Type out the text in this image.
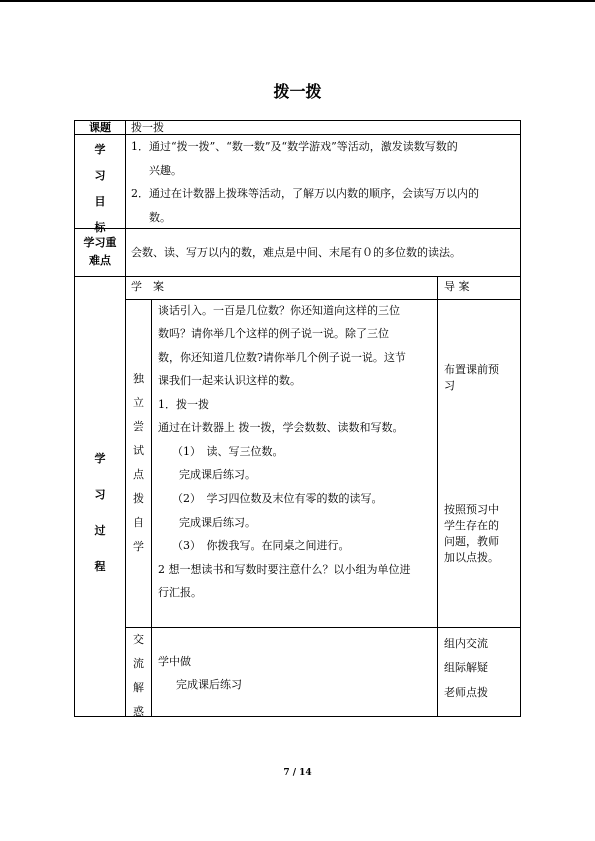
拨一拨
课题	拨一拨
学
习
目
标
1．通过“拨一拨”、“数一数”及“数学游戏”等活动，激发读数写数的
兴趣。
2．通过在计数器上拨珠等活动，了解万以内数的顺序，会读写万以内的
数。
学习重
难点
会数、读、写万以内的数，难点是中间、末尾有０的多位数的读法。
学
习
过
程
学　案	导 案
独
立
尝
试
点
拨
自
学
谈话引入。一百是几位数？你还知道向这样的三位
数吗？请你举几个这样的例子说一说。除了三位
数，你还知道几位数?请你举几个例子说一说。这节
课我们一起来认识这样的数。
1．拨一拨
通过在计数器上 拨一拨，学会数数、读数和写数。
（1）　读、写三位数。
完成课后练习。
（2）　学习四位数及末位有零的数的读写。
完成课后练习。
（3）　你拨我写。在同桌之间进行。
2 想一想读书和写数时要注意什么？以小组为单位进
行汇报。
布置课前预
习
按照预习中
学生存在的
问题，教师
加以点拨。
交
流
解
惑
学中做
完成课后练习
组内交流
组际解疑
老师点拨
7 / 14
